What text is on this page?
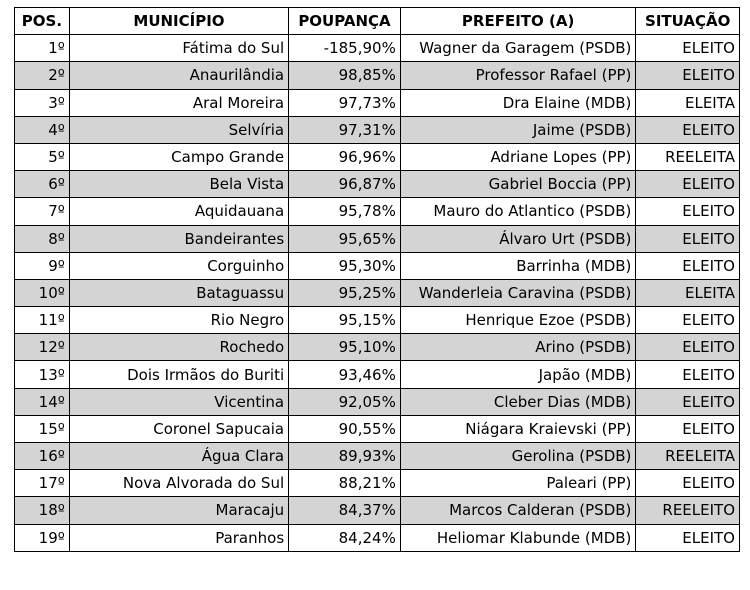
POS.	MUNICÍPIO	POUPANÇA	PREFEITO (A)	SITUAÇÃO
1º	Fátima do Sul	-185,90%	Wagner da Garagem (PSDB)	ELEITO
2º	Anaurilândia	98,85%	Professor Rafael (PP)	ELEITO
3º	Aral Moreira	97,73%	Dra Elaine (MDB)	ELEITA
4º	Selvíria	97,31%	Jaime (PSDB)	ELEITO
5º	Campo Grande	96,96%	Adriane Lopes (PP)	REELEITA
6º	Bela Vista	96,87%	Gabriel Boccia (PP)	ELEITO
7º	Aquidauana	95,78%	Mauro do Atlantico (PSDB)	ELEITO
8º	Bandeirantes	95,65%	Álvaro Urt (PSDB)	ELEITO
9º	Corguinho	95,30%	Barrinha (MDB)	ELEITO
10º	Bataguassu	95,25%	Wanderleia Caravina (PSDB)	ELEITA
11º	Rio Negro	95,15%	Henrique Ezoe (PSDB)	ELEITO
12º	Rochedo	95,10%	Arino (PSDB)	ELEITO
13º	Dois Irmãos do Buriti	93,46%	Japão (MDB)	ELEITO
14º	Vicentina	92,05%	Cleber Dias (MDB)	ELEITO
15º	Coronel Sapucaia	90,55%	Niágara Kraievski (PP)	ELEITO
16º	Água Clara	89,93%	Gerolina (PSDB)	REELEITA
17º	Nova Alvorada do Sul	88,21%	Paleari (PP)	ELEITO
18º	Maracaju	84,37%	Marcos Calderan (PSDB)	REELEITO
19º	Paranhos	84,24%	Heliomar Klabunde (MDB)	ELEITO
